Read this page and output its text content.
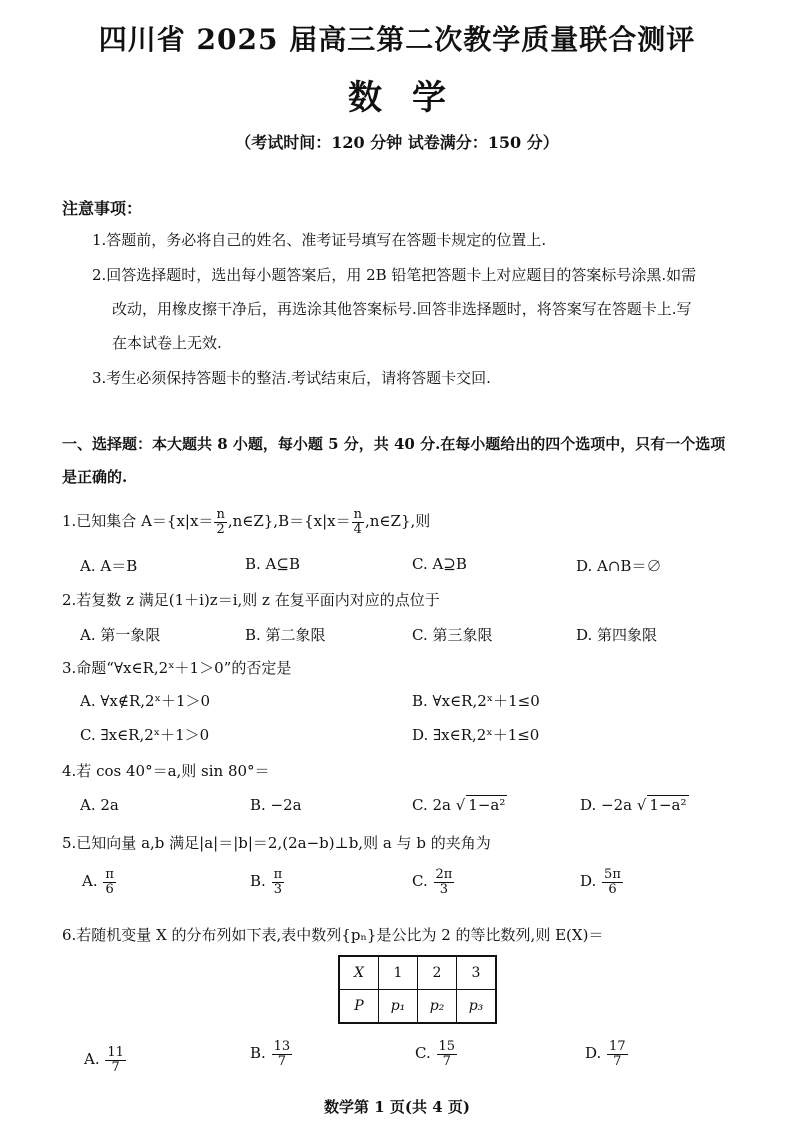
四川省 2025 届高三第二次教学质量联合测评
数学
（考试时间：120 分钟 试卷满分：150 分）
注意事项：
1.答题前，务必将自己的姓名、准考证号填写在答题卡规定的位置上.
2.回答选择题时，选出每小题答案后，用 2B 铅笔把答题卡上对应题目的答案标号涂黑.如需
改动，用橡皮擦干净后，再选涂其他答案标号.回答非选择题时，将答案写在答题卡上.写
在本试卷上无效.
3.考生必须保持答题卡的整洁.考试结束后，请将答题卡交回.
一、选择题：本大题共 8 小题，每小题 5 分，共 40 分.在每小题给出的四个选项中，只有一个选项
是正确的.
1.已知集合 $A=\{x|x= \frac{n}{2}$ ,n∈Z},B＝{x|x＝ $\frac{n}{4}$ ,n∈Z},则
A. A＝B	B. A⊆B	C. A⊇B	D. A∩B＝∅
2.若复数 z 满足(1＋i)z＝i,则 z 在复平面内对应的点位于
A. 第一象限	B. 第二象限	C. 第三象限	D. 第四象限
3.命题“∀x∈R,2ˣ＋1＞0”的否定是
A. ∀x∉R,2ˣ＋1＞0	B. ∀x∈R,2ˣ＋1≤0
C. ∃x∈R,2ˣ＋1＞0	D. ∃x∈R,2ˣ＋1≤0
4.若 cos 40°＝a,则 sin 80°＝
A. 2a	B. −2a	C. 2a √ 1−a²	D. −2a √ 1−a²
5.已知向量 a,b 满足|a|＝|b|＝2,(2a−b)⊥b,则 a 与 b 的夹角为
A. $\frac{\pi}{6}$	B. $\frac{\pi}{3}$	C. $\frac{2\pi}{3}$	D. $\frac{5\pi}{6}$
6.若随机变量 X 的分布列如下表,表中数列{pₙ}是公比为 2 的等比数列,则 E(X)＝
X	1	2	3
P	p₁	p₂	p₃
A. $\frac{11}{7}$	B. $\frac{13}{7}$	C. $\frac{15}{7}$	D. $\frac{17}{7}$
数学第 1 页(共 4 页)
